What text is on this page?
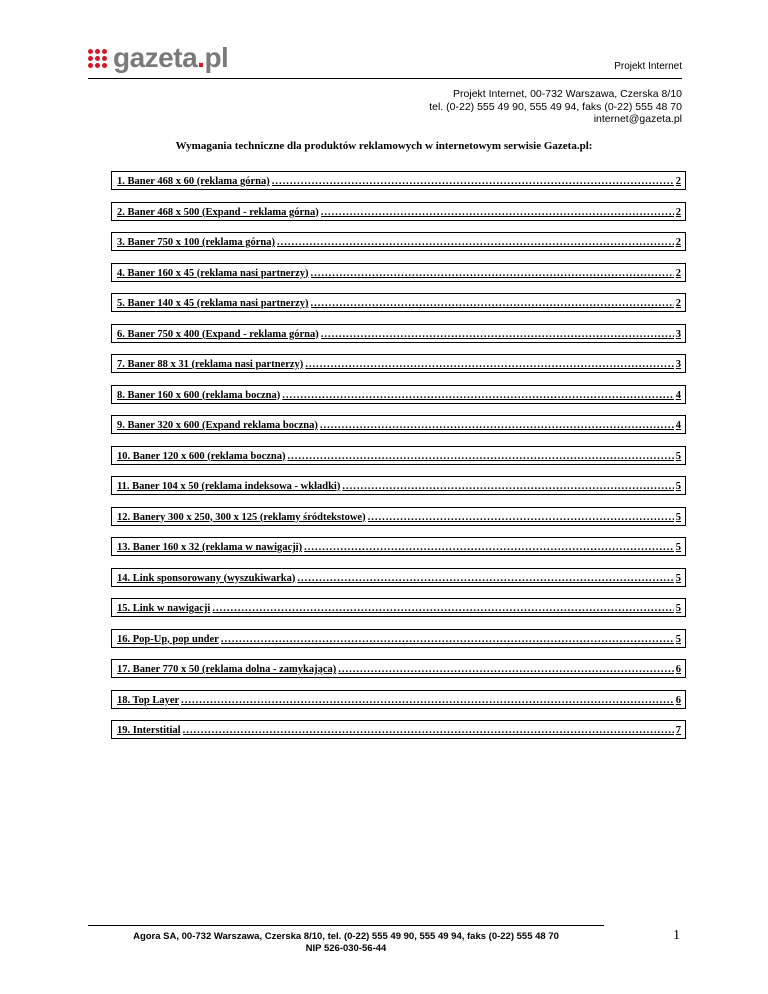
gazeta.pl	Projekt Internet
Projekt Internet, 00-732 Warszawa, Czerska 8/10
tel. (0-22) 555 49 90, 555 49 94, faks (0-22) 555 48 70
internet@gazeta.pl
Wymagania techniczne dla produktów reklamowych w internetowym serwisie Gazeta.pl:
1. Baner 468 x 60 (reklama górna) .....	2
2. Baner 468 x 500 (Expand - reklama górna) .....	2
3. Baner 750 x 100 (reklama górna) .....	2
4. Baner 160 x 45 (reklama nasi partnerzy) .....	2
5. Baner 140 x 45 (reklama nasi partnerzy) .....	2
6. Baner 750 x 400 (Expand - reklama górna) .....	3
7. Baner 88 x 31 (reklama nasi partnerzy) .....	3
8. Baner 160 x 600 (reklama boczna) .....	4
9. Baner 320 x 600 (Expand reklama boczna) .....	4
10. Baner 120 x 600 (reklama boczna) .....	5
11. Baner 104 x 50 (reklama indeksowa - wkładki) .....	5
12. Banery 300 x 250, 300 x 125 (reklamy śródtekstowe) .....	5
13. Baner 160 x 32 (reklama w nawigacji) .....	5
14. Link sponsorowany (wyszukiwarka) .....	5
15. Link w nawigacji .....	5
16. Pop-Up, pop under .....	5
17. Baner 770 x 50 (reklama dolna - zamykająca) .....	6
18. Top Layer .....	6
19. Interstitial .....	7
Agora SA, 00-732 Warszawa, Czerska 8/10, tel. (0-22) 555 49 90, 555 49 94, faks (0-22) 555 48 70
NIP 526-030-56-44
1
